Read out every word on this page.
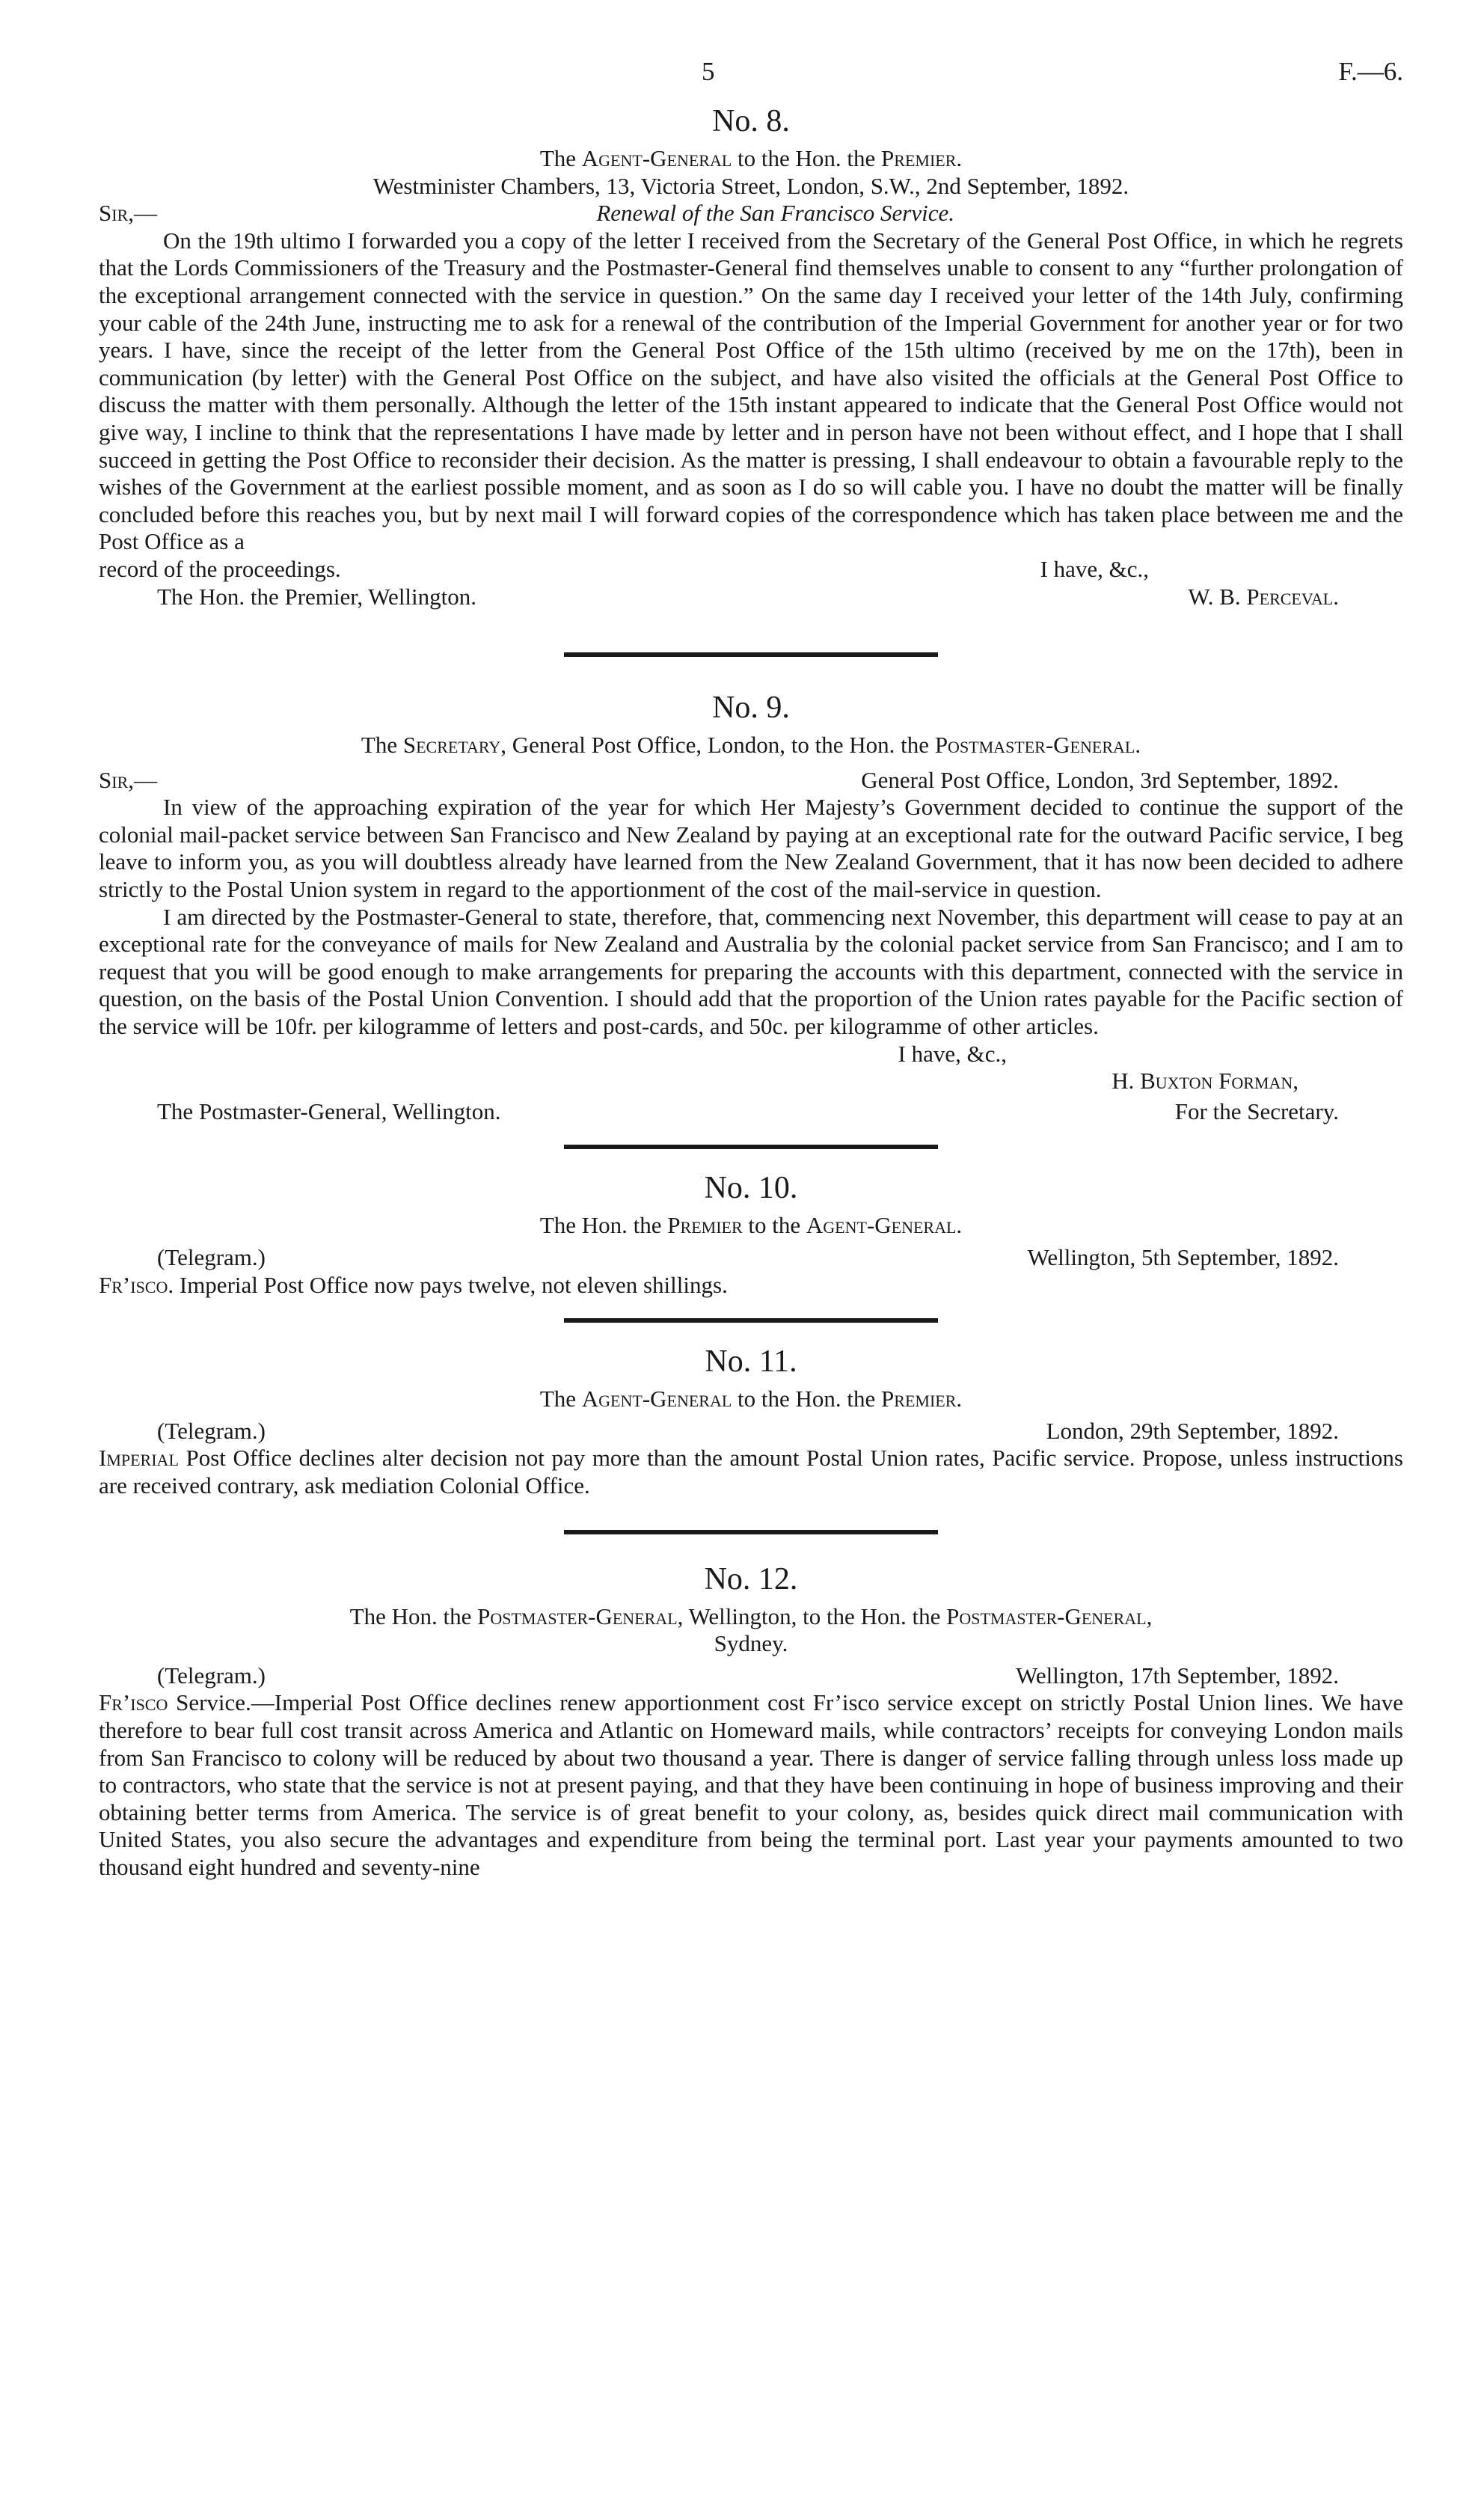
5	F.—6.
No. 8.
The Agent-General to the Hon. the Premier.
Westminister Chambers, 13, Victoria Street, London, S.W., 2nd September, 1892.
Sir,—	Renewal of the San Francisco Service.

On the 19th ultimo I forwarded you a copy of the letter I received from the Secretary of the General Post Office, in which he regrets that the Lords Commissioners of the Treasury and the Postmaster-General find themselves unable to consent to any “further prolongation of the exceptional arrangement connected with the service in question.” On the same day I received your letter of the 14th July, confirming your cable of the 24th June, instructing me to ask for a renewal of the contribution of the Imperial Government for another year or for two years. I have, since the receipt of the letter from the General Post Office of the 15th ultimo (received by me on the 17th), been in communication (by letter) with the General Post Office on the subject, and have also visited the officials at the General Post Office to discuss the matter with them personally. Although the letter of the 15th instant appeared to indicate that the General Post Office would not give way, I incline to think that the representations I have made by letter and in person have not been without effect, and I hope that I shall succeed in getting the Post Office to reconsider their decision. As the matter is pressing, I shall endeavour to obtain a favourable reply to the wishes of the Government at the earliest possible moment, and as soon as I do so will cable you. I have no doubt the matter will be finally concluded before this reaches you, but by next mail I will forward copies of the correspondence which has taken place between me and the Post Office as a

record of the proceedings.	I have, &c.,
The Hon. the Premier, Wellington.	W. B. Perceval.
No. 9.
The Secretary, General Post Office, London, to the Hon. the Postmaster-General.
Sir,—	General Post Office, London, 3rd September, 1892.

In view of the approaching expiration of the year for which Her Majesty’s Government decided to continue the support of the colonial mail-packet service between San Francisco and New Zealand by paying at an exceptional rate for the outward Pacific service, I beg leave to inform you, as you will doubtless already have learned from the New Zealand Government, that it has now been decided to adhere strictly to the Postal Union system in regard to the apportionment of the cost of the mail-service in question.

I am directed by the Postmaster-General to state, therefore, that, commencing next November, this department will cease to pay at an exceptional rate for the conveyance of mails for New Zealand and Australia by the colonial packet service from San Francisco; and I am to request that you will be good enough to make arrangements for preparing the accounts with this department, connected with the service in question, on the basis of the Postal Union Convention. I should add that the proportion of the Union rates payable for the Pacific section of the service will be 10fr. per kilogramme of letters and post-cards, and 50c. per kilogramme of other articles.

I have, &c.,
H. Buxton Forman,
The Postmaster-General, Wellington.	For the Secretary.
No. 10.
The Hon. the Premier to the Agent-General.
(Telegram.)	Wellington, 5th September, 1892.

Fr’isco. Imperial Post Office now pays twelve, not eleven shillings.

No. 11.
The Agent-General to the Hon. the Premier.
(Telegram.)	London, 29th September, 1892.

Imperial Post Office declines alter decision not pay more than the amount Postal Union rates, Pacific service. Propose, unless instructions are received contrary, ask mediation Colonial Office.

No. 12.
The Hon. the Postmaster-General, Wellington, to the Hon. the Postmaster-General,
Sydney.
(Telegram.)	Wellington, 17th September, 1892.

Fr’isco Service.—Imperial Post Office declines renew apportionment cost Fr’isco service except on strictly Postal Union lines. We have therefore to bear full cost transit across America and Atlantic on Homeward mails, while contractors’ receipts for conveying London mails from San Francisco to colony will be reduced by about two thousand a year. There is danger of service falling through unless loss made up to contractors, who state that the service is not at present paying, and that they have been continuing in hope of business improving and their obtaining better terms from America. The service is of great benefit to your colony, as, besides quick direct mail communication with United States, you also secure the advantages and expenditure from being the terminal port. Last year your payments amounted to two thousand eight hundred and seventy-nine
